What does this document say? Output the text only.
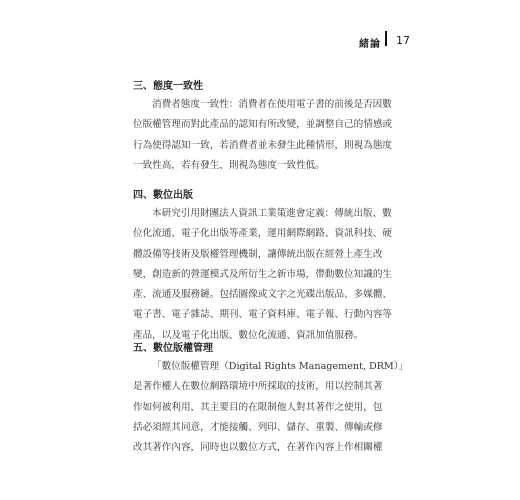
緒論 17
三、態度一致性
消費者態度一致性：消費者在使用電子書的前後是否因數
位版權管理而對此產品的認知有所改變，並調整自己的情感或
行為使得認知一致，若消費者並未發生此種情形，則視為態度
一致性高，若有發生，則視為態度一致性低。
四、數位出版
本研究引用財團法人資訊工業策進會定義：傳統出版、數
位化流通、電子化出版等產業，運用網際網路、資訊科技、硬
體設備等技術及版權管理機制，讓傳統出版在經營上產生改
變，創造新的營運模式及所衍生之新市場，帶動數位知識的生
產、流通及服務鏈。包括圖像或文字之光碟出版品、多媒體、
電子書、電子雜誌、期刊、電子資料庫、電子報、行動內容等
產品，以及電子化出版、數位化流通、資訊加值服務。
五、數位版權管理
「數位版權管理（Digital Rights Management, DRM）」
是著作權人在數位網路環境中所採取的技術，用以控制其著
作如何被利用，其主要目的在限制他人對其著作之使用，包
括必須經其同意，才能接觸、列印、儲存、重製、傳輸或修
改其著作內容，同時也以數位方式，在著作內容上作相關權
